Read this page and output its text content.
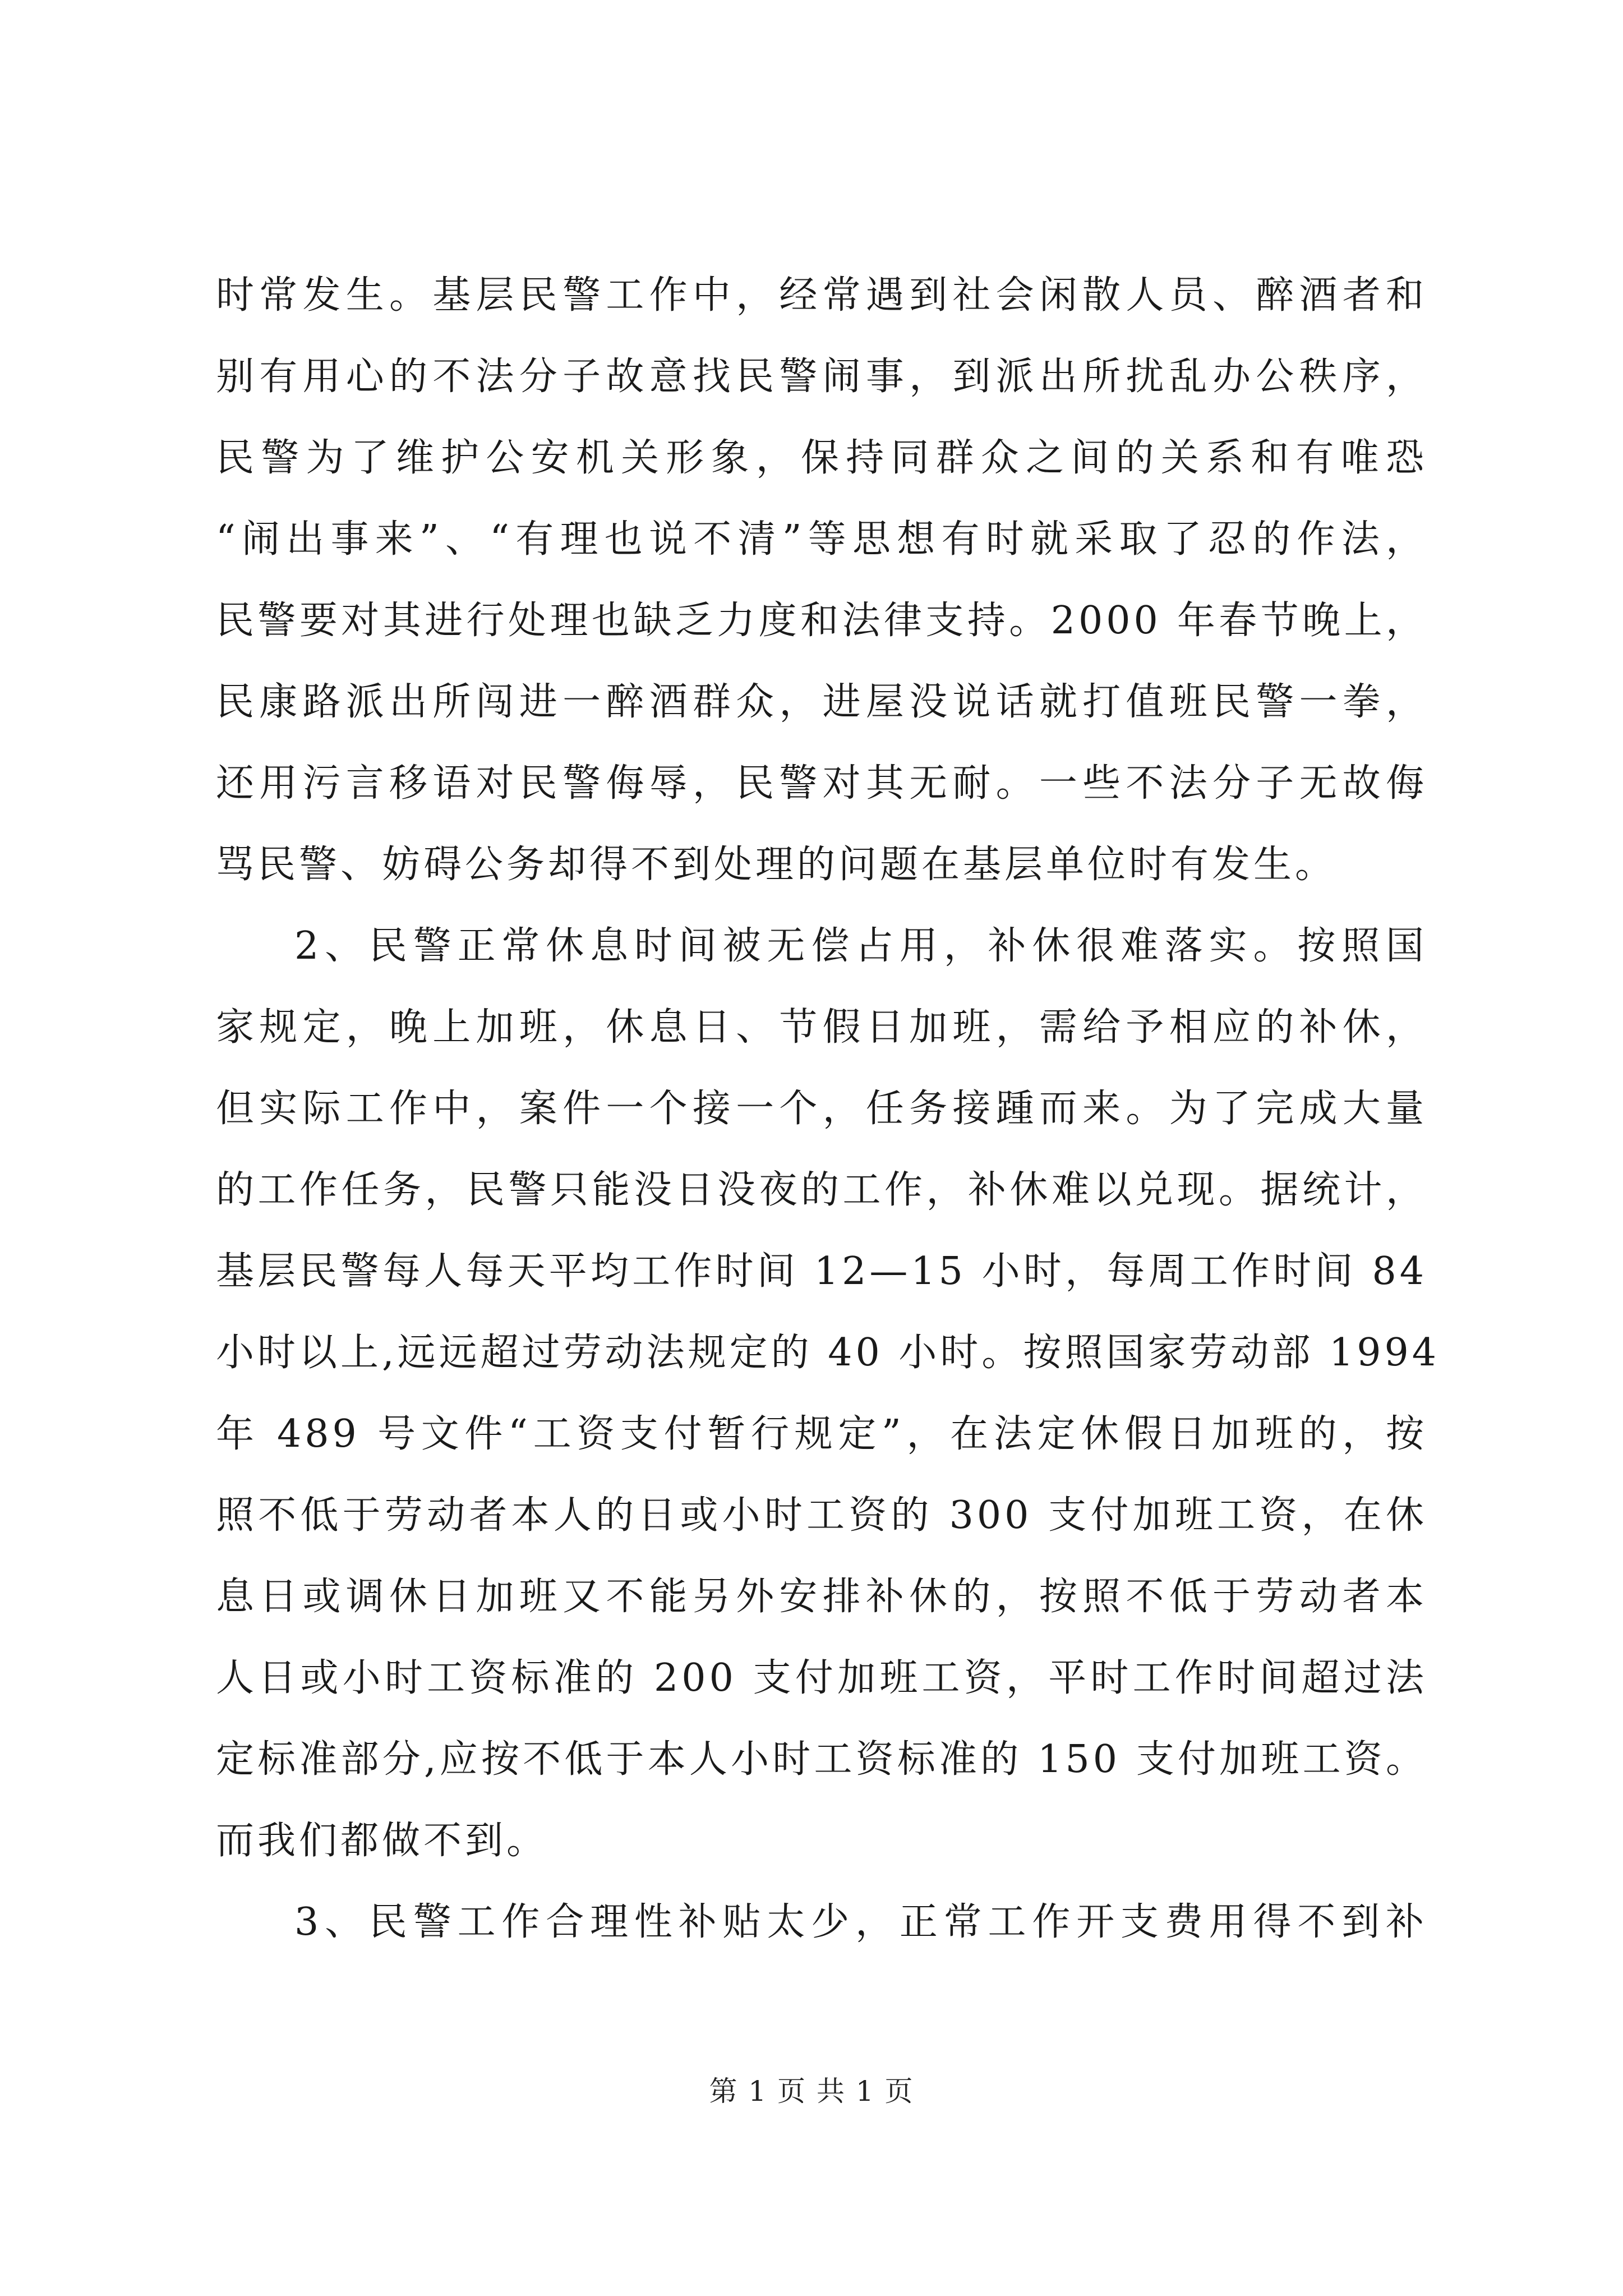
时常发生。基层民警工作中，经常遇到社会闲散人员、醉酒者和
别有用心的不法分子故意找民警闹事，到派出所扰乱办公秩序，
民警为了维护公安机关形象，保持同群众之间的关系和有唯恐
“闹出事来”、“有理也说不清”等思想有时就采取了忍的作法，
民警要对其进行处理也缺乏力度和法律支持。2000 年春节晚上，
民康路派出所闯进一醉酒群众，进屋没说话就打值班民警一拳，
还用污言移语对民警侮辱，民警对其无耐。一些不法分子无故侮
骂民警、妨碍公务却得不到处理的问题在基层单位时有发生。
2、民警正常休息时间被无偿占用，补休很难落实。按照国
家规定，晚上加班，休息日、节假日加班，需给予相应的补休，
但实际工作中，案件一个接一个，任务接踵而来。为了完成大量
的工作任务，民警只能没日没夜的工作，补休难以兑现。据统计，
基层民警每人每天平均工作时间 12—15 小时，每周工作时间 84
小时以上,远远超过劳动法规定的 40 小时。按照国家劳动部 1994
年 489 号文件“工资支付暂行规定”，在法定休假日加班的，按
照不低于劳动者本人的日或小时工资的 300 支付加班工资，在休
息日或调休日加班又不能另外安排补休的，按照不低于劳动者本
人日或小时工资标准的 200 支付加班工资，平时工作时间超过法
定标准部分,应按不低于本人小时工资标准的 150 支付加班工资。
而我们都做不到。
3、民警工作合理性补贴太少，正常工作开支费用得不到补
第 1 页 共 1 页
